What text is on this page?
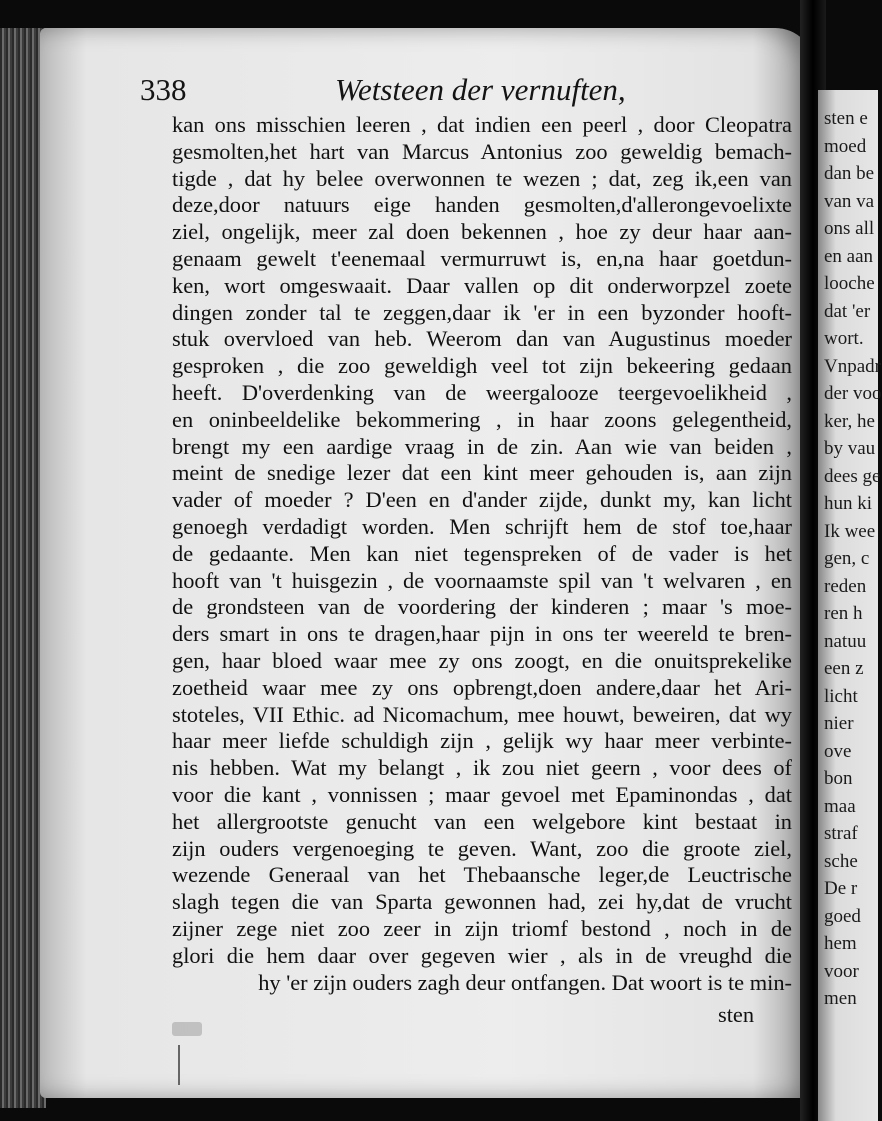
sten e
moed
dan be
van va
ons all
en aan
looche
dat 'er
wort.
Vnpadr
der voo
ker, he
by vau
dees ge
hun ki
Ik wee
gen, c
reden
ren h
natuu
een z
licht
nier
ove
bon
maa
straf
sche
De r
goed
hem
voor
men
338	Wetsteen der vernuften,
kan ons misschien leeren , dat indien een peerl , door Cleopatra
gesmolten,het hart van Marcus Antonius zoo geweldig bemach-
tigde , dat hy belee overwonnen te wezen ; dat, zeg ik,een van
deze,door natuurs eige handen gesmolten,d'allerongevoelixte
ziel, ongelijk, meer zal doen bekennen , hoe zy deur haar aan-
genaam gewelt t'eenemaal vermurruwt is, en,na haar goetdun-
ken, wort omgeswaait. Daar vallen op dit onderworpzel zoete
dingen zonder tal te zeggen,daar ik 'er in een byzonder hooft-
stuk overvloed van heb. Weerom dan van Augustinus moeder
gesproken , die zoo geweldigh veel tot zijn bekeering gedaan
heeft. D'overdenking van de weergalooze teergevoelikheid ,
en oninbeeldelike bekommering , in haar zoons gelegentheid,
brengt my een aardige vraag in de zin. Aan wie van beiden ,
meint de snedige lezer dat een kint meer gehouden is, aan zijn
vader of moeder ? D'een en d'ander zijde, dunkt my, kan licht
genoegh verdadigt worden. Men schrijft hem de stof toe,haar
de gedaante. Men kan niet tegenspreken of de vader is het
hooft van 't huisgezin , de voornaamste spil van 't welvaren , en
de grondsteen van de voordering der kinderen ; maar 's moe-
ders smart in ons te dragen,haar pijn in ons ter weereld te bren-
gen, haar bloed waar mee zy ons zoogt, en die onuitsprekelike
zoetheid waar mee zy ons opbrengt,doen andere,daar het Ari-
stoteles, VII Ethic. ad Nicomachum, mee houwt, beweiren, dat wy
haar meer liefde schuldigh zijn , gelijk wy haar meer verbinte-
nis hebben. Wat my belangt , ik zou niet geern , voor dees of
voor die kant , vonnissen ; maar gevoel met Epaminondas , dat
het allergrootste genucht van een welgebore kint bestaat in
zijn ouders vergenoeging te geven. Want, zoo die groote ziel,
wezende Generaal van het Thebaansche leger,de Leuctrische
slagh tegen die van Sparta gewonnen had, zei hy,dat de vrucht
zijner zege niet zoo zeer in zijn triomf bestond , noch in de
glori die hem daar over gegeven wier , als in de vreughd die
hy 'er zijn ouders zagh deur ontfangen. Dat woort is te min-
sten
